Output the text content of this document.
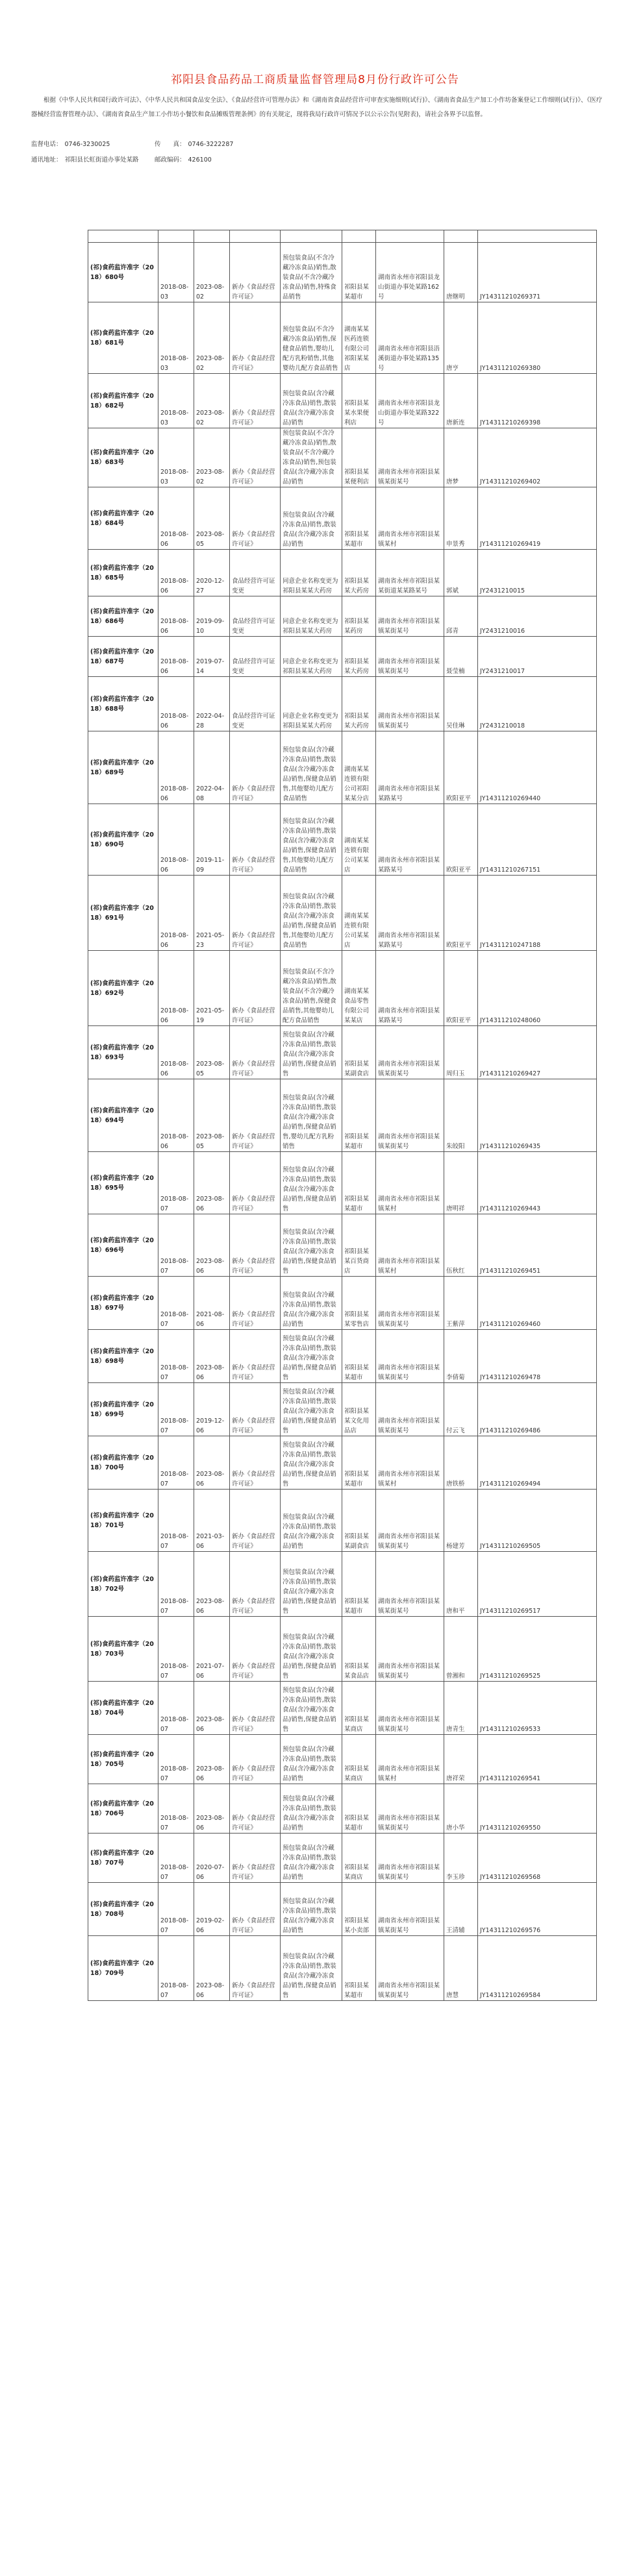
祁阳县食品药品工商质量监督管理局8月份行政许可公告
根据《中华人民共和国行政许可法》、《中华人民共和国食品安全法》、《食品经营许可管理办法》和《湖南省食品经营许可审查实施细则(试行)》、《湖南省食品生产加工小作坊备案登记工作细则(试行)》、《医疗器械经营监督管理办法》、《湖南省食品生产加工小作坊小餐饮和食品摊贩管理条例》的有关规定，现将我局行政许可情况予以公示公告(见附表)，请社会各界予以监督。
监督电话： 0746-3230025	传　　真： 0746-3222287
通讯地址： 祁阳县长虹街道办事处某路	邮政编码： 426100

(祁)食药监许准字（2018）680号	2018-08-03	2023-08-02	新办《食品经营许可证》	预包装食品(不含冷藏冷冻食品)销售,散装食品(不含冷藏冷冻食品)销售,特殊食品销售	祁阳县某某超市	湖南省永州市祁阳县龙山街道办事处某路162号	唐继明	JY14311210269371
(祁)食药监许准字（2018）681号	2018-08-03	2023-08-02	新办《食品经营许可证》	预包装食品(不含冷藏冷冻食品)销售,保健食品销售,婴幼儿配方乳粉销售,其他婴幼儿配方食品销售	湖南某某医药连锁有限公司祁阳某某店	湖南省永州市祁阳县浯溪街道办事处某路135号	唐亨	JY14311210269380
(祁)食药监许准字（2018）682号	2018-08-03	2023-08-02	新办《食品经营许可证》	预包装食品(含冷藏冷冻食品)销售,散装食品(含冷藏冷冻食品)销售	祁阳县某某水果便利店	湖南省永州市祁阳县龙山街道办事处某路322号	唐新连	JY14311210269398
(祁)食药监许准字（2018）683号	2018-08-03	2023-08-02	新办《食品经营许可证》	预包装食品(不含冷藏冷冻食品)销售,散装食品(不含冷藏冷冻食品)销售,预包装食品(含冷藏冷冻食品)销售	祁阳县某某便利店	湖南省永州市祁阳县某镇某街某号	唐梦	JY14311210269402
(祁)食药监许准字（2018）684号	2018-08-06	2023-08-05	新办《食品经营许可证》	预包装食品(含冷藏冷冻食品)销售,散装食品(含冷藏冷冻食品)销售	祁阳县某某超市	湖南省永州市祁阳县某镇某村	申景秀	JY14311210269419
(祁)食药监许准字（2018）685号	2018-08-06	2020-12-27	食品经营许可证变更	同意企业名称变更为祁阳县某某大药房	祁阳县某某大药房	湖南省永州市祁阳县某某街道某某路某号	郭斌	JY2431210015
(祁)食药监许准字（2018）686号	2018-08-06	2019-09-10	食品经营许可证变更	同意企业名称变更为祁阳县某某大药房	祁阳县某某药房	湖南省永州市祁阳县某镇某街某号	邱青	JY2431210016
(祁)食药监许准字（2018）687号	2018-08-06	2019-07-14	食品经营许可证变更	同意企业名称变更为祁阳县某某大药房	祁阳县某某大药房	湖南省永州市祁阳县某镇某街某号	聂莹楠	JY2431210017
(祁)食药监许准字（2018）688号	2018-08-06	2022-04-28	食品经营许可证变更	同意企业名称变更为祁阳县某某大药房	祁阳县某某大药房	湖南省永州市祁阳县某镇某街某号	吴佳琳	JY2431210018
(祁)食药监许准字（2018）689号	2018-08-06	2022-04-08	新办《食品经营许可证》	预包装食品(含冷藏冷冻食品)销售,散装食品(含冷藏冷冻食品)销售,保健食品销售,其他婴幼儿配方食品销售	湖南某某连锁有限公司祁阳某某分店	湖南省永州市祁阳县某某路某号	欧阳亚平	JY14311210269440
(祁)食药监许准字（2018）690号	2018-08-06	2019-11-09	新办《食品经营许可证》	预包装食品(含冷藏冷冻食品)销售,散装食品(含冷藏冷冻食品)销售,保健食品销售,其他婴幼儿配方食品销售	湖南某某连锁有限公司某某店	湖南省永州市祁阳县某某路某号	欧阳亚平	JY14311210267151
(祁)食药监许准字（2018）691号	2018-08-06	2021-05-23	新办《食品经营许可证》	预包装食品(含冷藏冷冻食品)销售,散装食品(含冷藏冷冻食品)销售,保健食品销售,其他婴幼儿配方食品销售	湖南某某连锁有限公司某某店	湖南省永州市祁阳县某某路某号	欧阳亚平	JY14311210247188
(祁)食药监许准字（2018）692号	2018-08-06	2021-05-19	新办《食品经营许可证》	预包装食品(不含冷藏冷冻食品)销售,散装食品(不含冷藏冷冻食品)销售,保健食品销售,其他婴幼儿配方食品销售	湖南某某食品零售有限公司某某店	湖南省永州市祁阳县某某路某号	欧阳亚平	JY14311210248060
(祁)食药监许准字（2018）693号	2018-08-06	2023-08-05	新办《食品经营许可证》	预包装食品(含冷藏冷冻食品)销售,散装食品(含冷藏冷冻食品)销售,保健食品销售	祁阳县某某副食店	湖南省永州市祁阳县某镇某街某号	周归玉	JY14311210269427
(祁)食药监许准字（2018）694号	2018-08-06	2023-08-05	新办《食品经营许可证》	预包装食品(含冷藏冷冻食品)销售,散装食品(含冷藏冷冻食品)销售,保健食品销售,婴幼儿配方乳粉销售	祁阳县某某超市	湖南省永州市祁阳县某镇某街某号	朱皎阳	JY14311210269435
(祁)食药监许准字（2018）695号	2018-08-07	2023-08-06	新办《食品经营许可证》	预包装食品(含冷藏冷冻食品)销售,散装食品(含冷藏冷冻食品)销售,保健食品销售	祁阳县某某超市	湖南省永州市祁阳县某镇某村	唐明祥	JY14311210269443
(祁)食药监许准字（2018）696号	2018-08-07	2023-08-06	新办《食品经营许可证》	预包装食品(含冷藏冷冻食品)销售,散装食品(含冷藏冷冻食品)销售,保健食品销售	祁阳县某某百货商店	湖南省永州市祁阳县某镇某村	伍秋红	JY14311210269451
(祁)食药监许准字（2018）697号	2018-08-07	2021-08-06	新办《食品经营许可证》	预包装食品(含冷藏冷冻食品)销售,散装食品(含冷藏冷冻食品)销售	祁阳县某某零售店	湖南省永州市祁阳县某镇某街某号	王紫萍	JY14311210269460
(祁)食药监许准字（2018）698号	2018-08-07	2023-08-06	新办《食品经营许可证》	预包装食品(含冷藏冷冻食品)销售,散装食品(含冷藏冷冻食品)销售,保健食品销售	祁阳县某某超市	湖南省永州市祁阳县某镇某街某号	李倩菊	JY14311210269478
(祁)食药监许准字（2018）699号	2018-08-07	2019-12-06	新办《食品经营许可证》	预包装食品(含冷藏冷冻食品)销售,散装食品(含冷藏冷冻食品)销售,保健食品销售	祁阳县某某文化用品店	湖南省永州市祁阳县某镇某街某号	付云飞	JY14311210269486
(祁)食药监许准字（2018）700号	2018-08-07	2023-08-06	新办《食品经营许可证》	预包装食品(含冷藏冷冻食品)销售,散装食品(含冷藏冷冻食品)销售,保健食品销售	祁阳县某某超市	湖南省永州市祁阳县某镇某村	唐铁桥	JY14311210269494
(祁)食药监许准字（2018）701号	2018-08-07	2021-03-06	新办《食品经营许可证》	预包装食品(含冷藏冷冻食品)销售,散装食品(含冷藏冷冻食品)销售	祁阳县某某副食店	湖南省永州市祁阳县某镇某街某号	杨建芳	JY14311210269505
(祁)食药监许准字（2018）702号	2018-08-07	2023-08-06	新办《食品经营许可证》	预包装食品(含冷藏冷冻食品)销售,散装食品(含冷藏冷冻食品)销售,保健食品销售	祁阳县某某超市	湖南省永州市祁阳县某镇某街某号	唐和平	JY14311210269517
(祁)食药监许准字（2018）703号	2018-08-07	2021-07-06	新办《食品经营许可证》	预包装食品(含冷藏冷冻食品)销售,散装食品(含冷藏冷冻食品)销售,保健食品销售	祁阳县某某食品店	湖南省永州市祁阳县某镇某街某号	曾湘和	JY14311210269525
(祁)食药监许准字（2018）704号	2018-08-07	2023-08-06	新办《食品经营许可证》	预包装食品(含冷藏冷冻食品)销售,散装食品(含冷藏冷冻食品)销售,保健食品销售	祁阳县某某商店	湖南省永州市祁阳县某镇某街某号	唐青生	JY14311210269533
(祁)食药监许准字（2018）705号	2018-08-07	2023-08-06	新办《食品经营许可证》	预包装食品(含冷藏冷冻食品)销售,散装食品(含冷藏冷冻食品)销售	祁阳县某某商店	湖南省永州市祁阳县某镇某村	唐祥荣	JY14311210269541
(祁)食药监许准字（2018）706号	2018-08-07	2023-08-06	新办《食品经营许可证》	预包装食品(含冷藏冷冻食品)销售,散装食品(含冷藏冷冻食品)销售	祁阳县某某超市	湖南省永州市祁阳县某镇某街某号	唐小华	JY14311210269550
(祁)食药监许准字（2018）707号	2018-08-07	2020-07-06	新办《食品经营许可证》	预包装食品(含冷藏冷冻食品)销售,散装食品(含冷藏冷冻食品)销售	祁阳县某某商店	湖南省永州市祁阳县某镇某街某号	李玉珍	JY14311210269568
(祁)食药监许准字（2018）708号	2018-08-07	2019-02-06	新办《食品经营许可证》	预包装食品(含冷藏冷冻食品)销售,散装食品(含冷藏冷冻食品)销售	祁阳县某某小卖部	湖南省永州市祁阳县某镇某街某号	王清辅	JY14311210269576
(祁)食药监许准字（2018）709号	2018-08-07	2023-08-06	新办《食品经营许可证》	预包装食品(含冷藏冷冻食品)销售,散装食品(含冷藏冷冻食品)销售,保健食品销售	祁阳县某某超市	湖南省永州市祁阳县某镇某街某号	唐慧	JY14311210269584
